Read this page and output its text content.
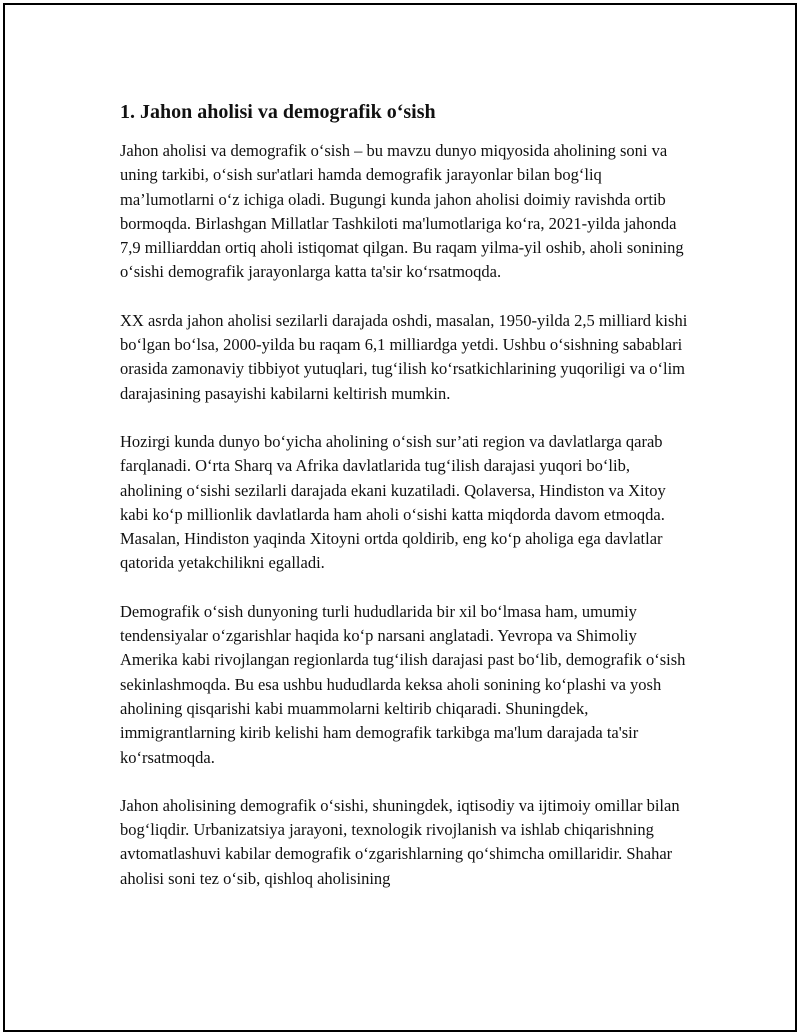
1. Jahon aholisi va demografik o‘sish

Jahon aholisi va demografik o‘sish – bu mavzu dunyo miqyosida aholining soni va uning tarkibi, o‘sish sur'atlari hamda demografik jarayonlar bilan bog‘liq ma’lumotlarni o‘z ichiga oladi. Bugungi kunda jahon aholisi doimiy ravishda ortib bormoqda. Birlashgan Millatlar Tashkiloti ma'lumotlariga ko‘ra, 2021-yilda jahonda 7,9 milliarddan ortiq aholi istiqomat qilgan. Bu raqam yilma-yil oshib, aholi sonining o‘sishi demografik jarayonlarga katta ta'sir ko‘rsatmoqda.

XX asrda jahon aholisi sezilarli darajada oshdi, masalan, 1950-yilda 2,5 milliard kishi bo‘lgan bo‘lsa, 2000-yilda bu raqam 6,1 milliardga yetdi. Ushbu o‘sishning sabablari orasida zamonaviy tibbiyot yutuqlari, tug‘ilish ko‘rsatkichlarining yuqoriligi va o‘lim darajasining pasayishi kabilarni keltirish mumkin.

Hozirgi kunda dunyo bo‘yicha aholining o‘sish sur’ati region va davlatlarga qarab farqlanadi. O‘rta Sharq va Afrika davlatlarida tug‘ilish darajasi yuqori bo‘lib, aholining o‘sishi sezilarli darajada ekani kuzatiladi. Qolaversa, Hindiston va Xitoy kabi ko‘p millionlik davlatlarda ham aholi o‘sishi katta miqdorda davom etmoqda. Masalan, Hindiston yaqinda Xitoyni ortda qoldirib, eng ko‘p aholiga ega davlatlar qatorida yetakchilikni egalladi.

Demografik o‘sish dunyoning turli hududlarida bir xil bo‘lmasa ham, umumiy tendensiyalar o‘zgarishlar haqida ko‘p narsani anglatadi. Yevropa va Shimoliy Amerika kabi rivojlangan regionlarda tug‘ilish darajasi past bo‘lib, demografik o‘sish sekinlashmoqda. Bu esa ushbu hududlarda keksa aholi sonining ko‘plashi va yosh aholining qisqarishi kabi muammolarni keltirib chiqaradi. Shuningdek, immigrantlarning kirib kelishi ham demografik tarkibga ma'lum darajada ta'sir ko‘rsatmoqda.

Jahon aholisining demografik o‘sishi, shuningdek, iqtisodiy va ijtimoiy omillar bilan bog‘liqdir. Urbanizatsiya jarayoni, texnologik rivojlanish va ishlab chiqarishning avtomatlashuvi kabilar demografik o‘zgarishlarning qo‘shimcha omillaridir. Shahar aholisi soni tez o‘sib, qishloq aholisining
